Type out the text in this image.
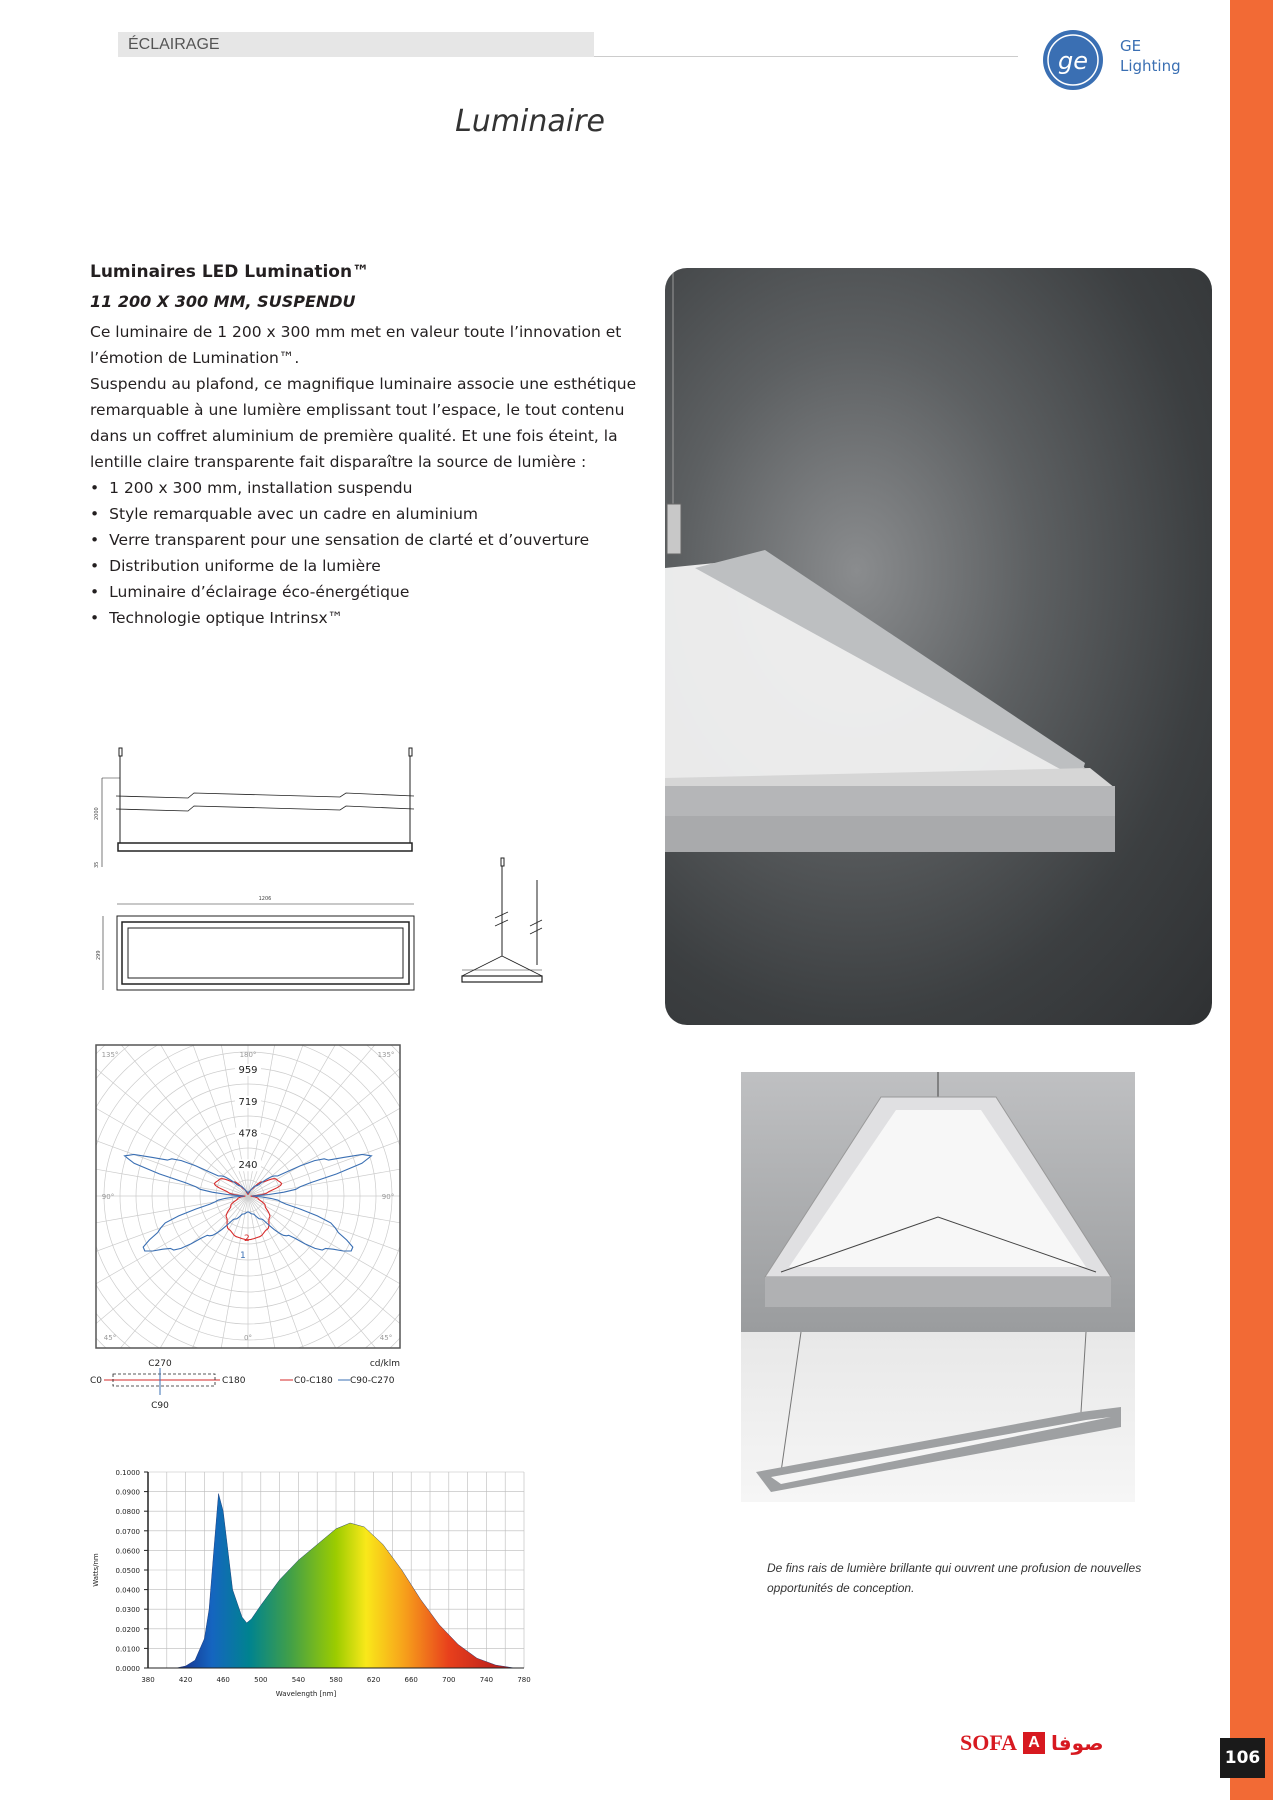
106
ÉCLAIRAGE
ge
GE
Lighting
Luminaire
Luminaires LED Lumination™
11 200 X 300 MM, SUSPENDU

Ce luminaire de 1 200 x 300 mm met en valeur toute l’innovation et l’émotion de Lumination™.

Suspendu au plafond, ce magnifique luminaire associe une esthétique remarquable à une lumière emplissant tout l’espace, le tout contenu dans un coffret aluminium de première qualité. Et une fois éteint, la lentille claire transparente fait disparaître la source de lumière :

• 1 200 x 300 mm, installation suspendu
• Style remarquable avec un cadre en aluminium
• Verre transparent pour une sensation de clarté et d’ouverture
• Distribution uniforme de la lumière
• Luminaire d’éclairage éco-énergétique
• Technologie optique Intrinsx™
2000
35
1206
299
180°
135°	135°
90°	90°
0°
45°	45°
959
719
478
240
2
1
cd/klm
C270
C0	C180
C90
C0-C180 C90-C270
0.0000
0.0100
0.0200
0.0300
0.0400
0.0500
0.0600
0.0700
0.0800
0.0900
0.1000
380	420	460	500	540	580	620	660	700	740	780
Wavelength [nm]
Watts/nm	De fins rais de lumière brillante qui ouvrent une profusion de nouvelles opportunités de conception.
SOFA A صوفا
